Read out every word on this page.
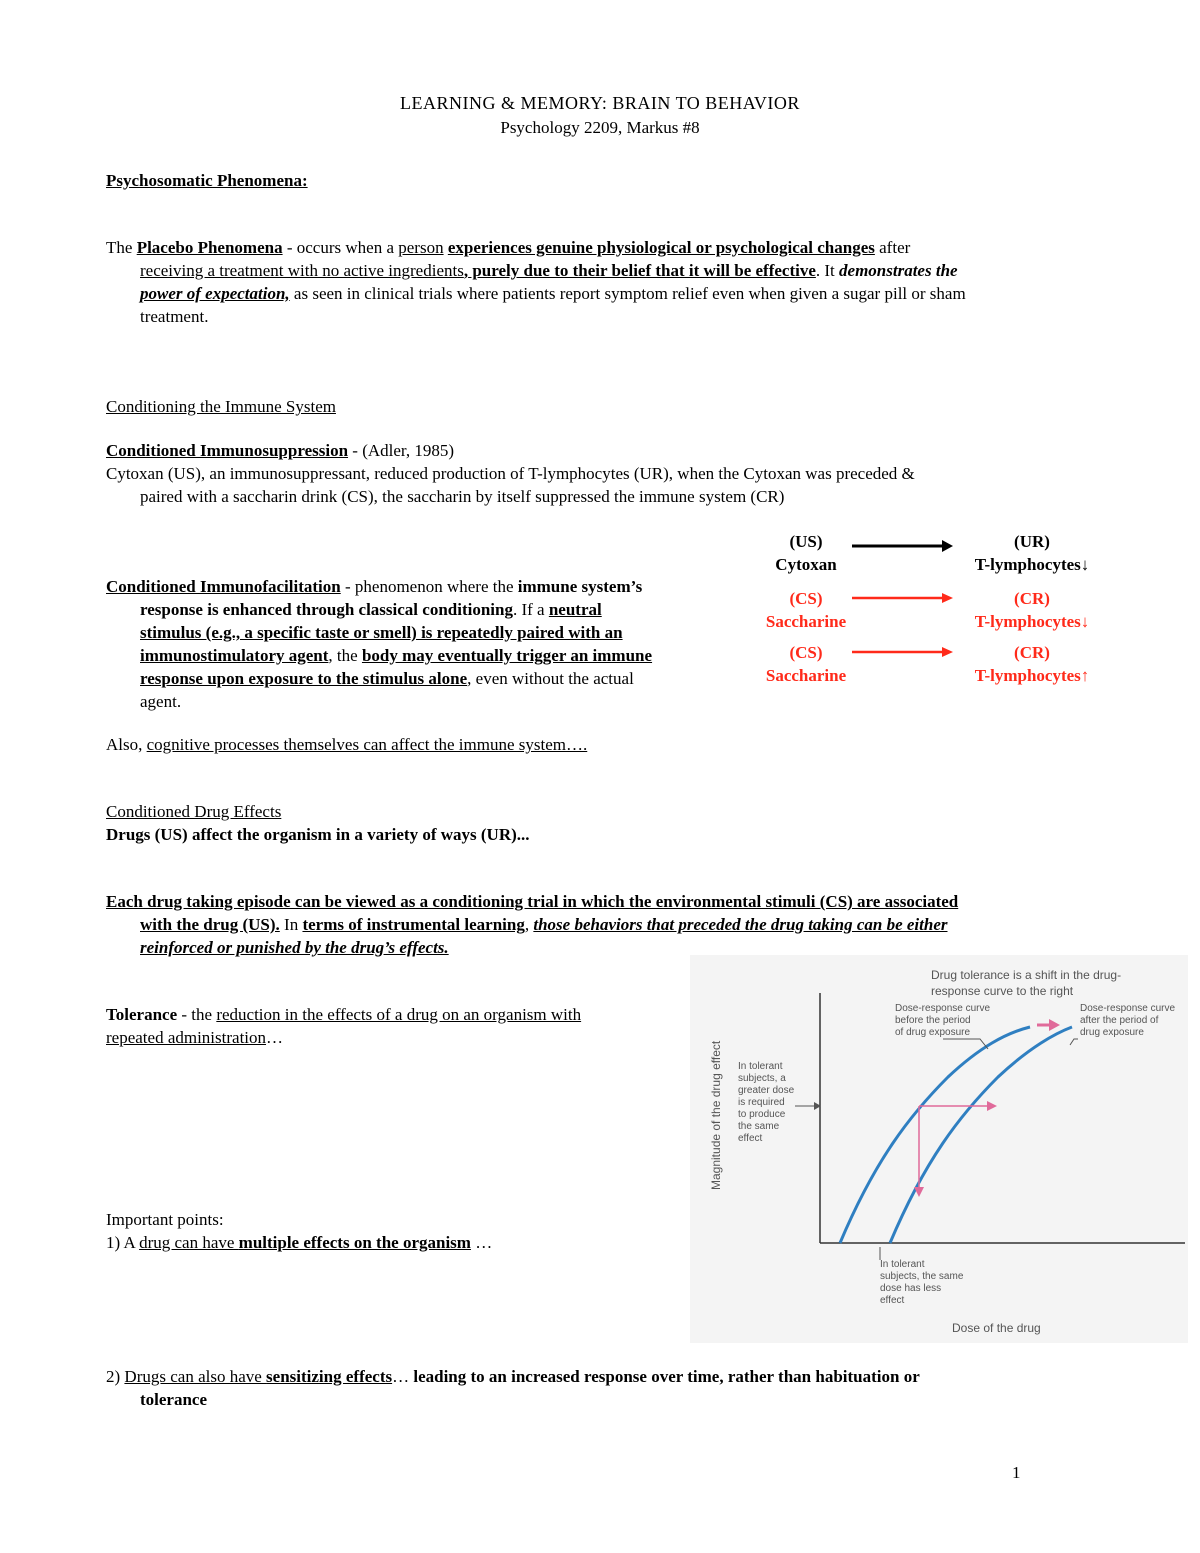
LEARNING & MEMORY: BRAIN TO BEHAVIOR
Psychology 2209, Markus #8
Psychosomatic Phenomena:
The Placebo Phenomena - occurs when a person experiences genuine physiological or psychological changes after
receiving a treatment with no active ingredients, purely due to their belief that it will be effective. It demonstrates the
power of expectation, as seen in clinical trials where patients report symptom relief even when given a sugar pill or sham
treatment.
Conditioning the Immune System
Conditioned Immunosuppression - (Adler, 1985)
Cytoxan (US), an immunosuppressant, reduced production of T-lymphocytes (UR), when the Cytoxan was preceded &
paired with a saccharin drink (CS), the saccharin by itself suppressed the immune system (CR)
Conditioned Immunofacilitation - phenomenon where the immune system’s
response is enhanced through classical conditioning. If a neutral
stimulus (e.g., a specific taste or smell) is repeatedly paired with an
immunostimulatory agent, the body may eventually trigger an immune
response upon exposure to the stimulus alone, even without the actual
agent.
Also, cognitive processes themselves can affect the immune system….
(US)
Cytoxan
(UR)
T-lymphocytes↓
(CS)
Saccharine
(CR)
T-lymphocytes↓
(CS)
Saccharine
(CR)
T-lymphocytes↑
Conditioned Drug Effects
Drugs (US) affect the organism in a variety of ways (UR)...
Each drug taking episode can be viewed as a conditioning trial in which the environmental stimuli (CS) are associated
with the drug (US). In terms of instrumental learning, those behaviors that preceded the drug taking can be either
reinforced or punished by the drug’s effects.
Tolerance - the reduction in the effects of a drug on an organism with
repeated administration…
Important points:
1) A drug can have multiple effects on the organism …
2) Drugs can also have sensitizing effects… leading to an increased response over time, rather than habituation or
tolerance
Magnitude of the drug effect
Drug tolerance is a shift in the drug-
response curve to the right
Dose-response curve
before the period
of drug exposure
Dose-response curve
after the period of
drug exposure
In tolerant
subjects, a
greater dose
is required
to produce
the same
effect
In tolerant
subjects, the same
dose has less
effect
Dose of the drug
1
